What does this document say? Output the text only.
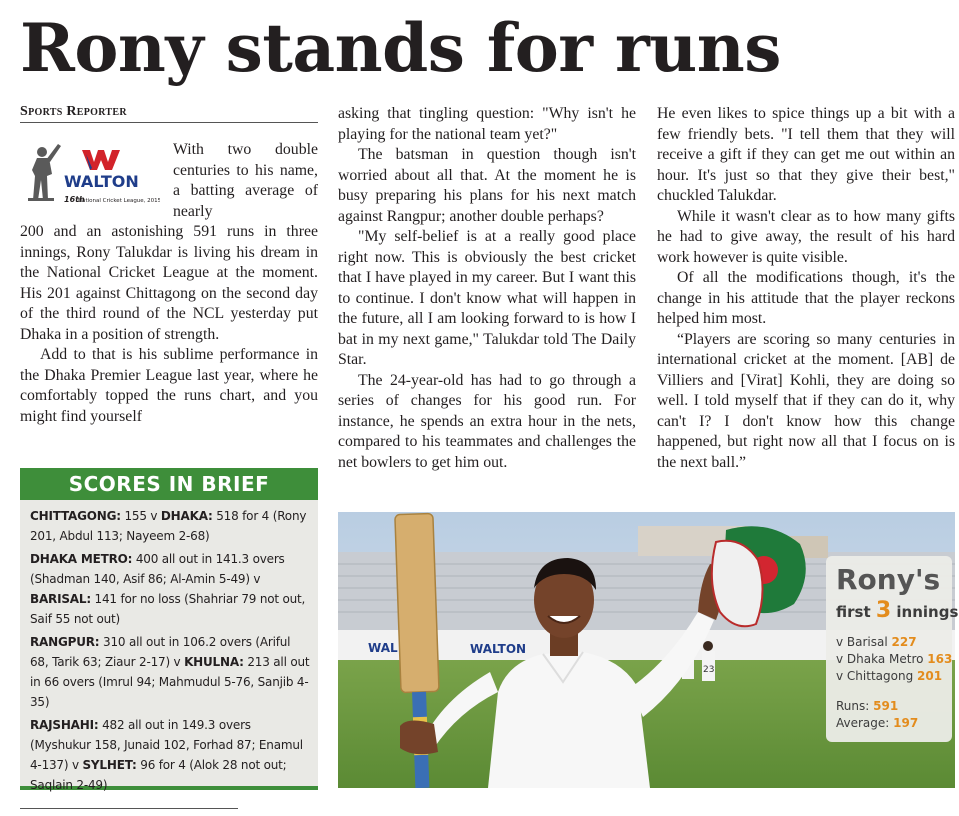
Rony stands for runs
Sports Reporter
WALTON
16th
National Cricket League, 2015

With two double centuries to his name, a batting average of nearly

200 and an astonishing 591 runs in three innings, Rony Talukdar is living his dream in the National Cricket League at the moment. His 201 against Chittagong on the second day of the third round of the NCL yesterday put Dhaka in a position of strength.

Add to that is his sublime performance in the Dhaka Premier League last year, where he comfortably topped the runs chart, and you might find yourself

asking that tingling question: "Why isn't he playing for the national team yet?"

The batsman in question though isn't worried about all that. At the moment he is busy preparing his plans for his next match against Rangpur; another double perhaps?

"My self-belief is at a really good place right now. This is obviously the best cricket that I have played in my career. But I want this to continue. I don't know what will happen in the future, all I am looking forward to is how I bat in my next game," Talukdar told The Daily Star.

The 24-year-old has had to go through a series of changes for his good run. For instance, he spends an extra hour in the nets, compared to his teammates and challenges the net bowlers to get him out.

He even likes to spice things up a bit with a few friendly bets. "I tell them that they will receive a gift if they can get me out within an hour. It's just so that they give their best," chuckled Talukdar.

While it wasn't clear as to how many gifts he had to give away, the result of his hard work however is quite visible.

Of all the modifications though, it's the change in his attitude that the player reckons helped him most.

“Players are scoring so many centuries in international cricket at the moment. [AB] de Villiers and [Virat] Kohli, they are doing so well. I told myself that if they can do it, why can't I? I don't know how this change happened, but right now all that I focus on is the next ball.”

SCORES IN BRIEF
CHITTAGONG: 155 v DHAKA: 518 for 4 (Rony 201, Abdul 113; Nayeem 2-68)
DHAKA METRO: 400 all out in 141.3 overs (Shadman 140, Asif 86; Al-Amin 5-49) v BARISAL: 141 for no loss (Shahriar 79 not out, Saif 55 not out)
RANGPUR: 310 all out in 106.2 overs (Ariful 68, Tarik 63; Ziaur 2-17) v KHULNA: 213 all out in 66 overs (Imrul 94; Mahmudul 5-76, Sanjib 4-35)
RAJSHAHI: 482 all out in 149.3 overs (Myshukur 158, Junaid 102, Forhad 87; Enamul 4-137) v SYLHET: 96 for 4 (Alok 28 not out; Saqlain 2-49)
WAL	WALTON
23
Rony's
first 3 innings
v Barisal 227
v Dhaka Metro 163
v Chittagong 201
Runs: 591
Average: 197
